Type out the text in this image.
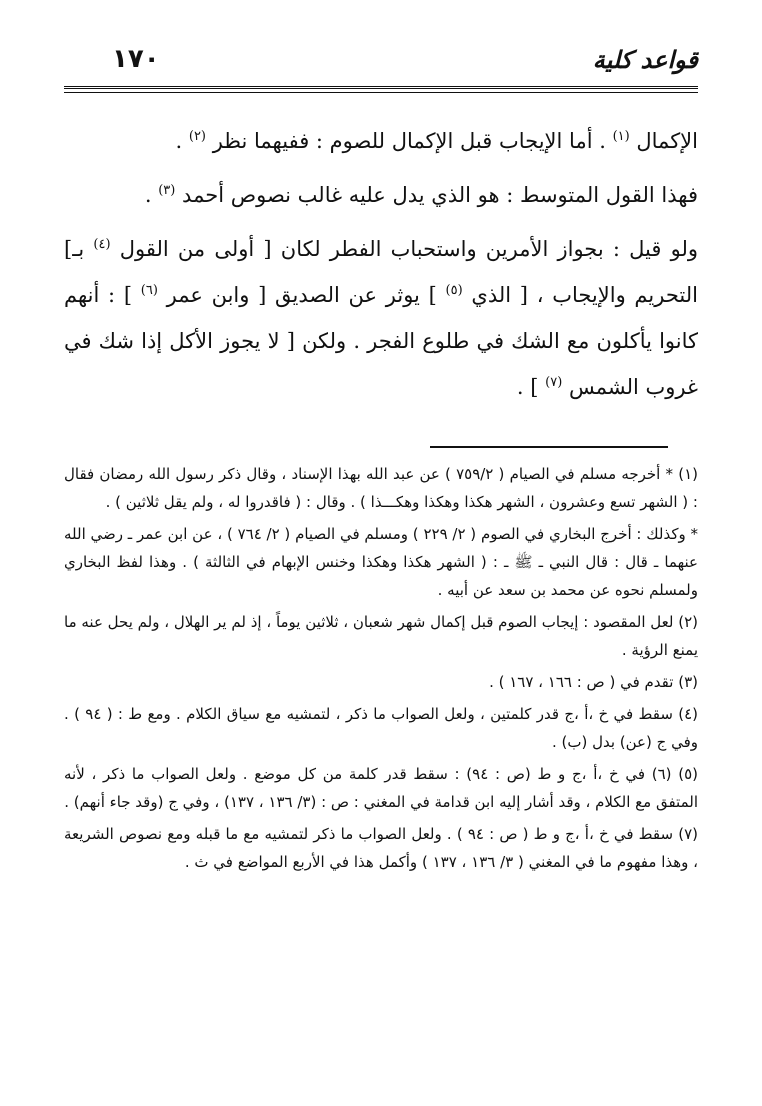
قواعد كلية
١٧٠

الإكمال $^{(١)}$ . أما الإيجاب قبل الإكمال للصوم : ففيهما نظر $^{(٢)}$ .

فهذا القول المتوسط : هو الذي يدل عليه غالب نصوص أحمد $^{(٣)}$ .

ولو قيل : بجواز الأمرين واستحباب الفطر لكان [ أولى من القول $^{(٤)}$ بـ] التحريم والإيجاب ، [ الذي $^{(٥)}$ ] يوثر عن الصديق [ وابن عمر $^{(٦)}$ ] : أنهم كانوا يأكلون مع الشك في طلوع الفجر . ولكن [ لا يجوز الأكل إذا شك في غروب الشمس $^{(٧)}$ ] .

(١) * أخرجه مسلم في الصيام ( ٧٥٩/٢ ) عن عبد الله بهذا الإسناد ، وقال ذكر رسول الله رمضان فقال : ( الشهر تسع وعشرون ، الشهر هكذا وهكذا وهكـــذا ) . وقال : ( فاقدروا له ، ولم يقل ثلاثين ) .

* وكذلك : أخرج البخاري في الصوم ( ٢/ ٢٢٩ ) ومسلم في الصيام ( ٢/ ٧٦٤ ) ، عن ابن عمر ـ رضي الله عنهما ـ قال : قال النبي ـ ﷺ ـ : ( الشهر هكذا وهكذا وخنس الإبهام في الثالثة ) . وهذا لفظ البخاري ولمسلم نحوه عن محمد بن سعد عن أبيه .

(٢) لعل المقصود : إيجاب الصوم قبل إكمال شهر شعبان ، ثلاثين يوماً ، إذ لم ير الهلال ، ولم يحل عنه ما يمنع الرؤية .

(٣) تقدم في ( ص : ١٦٦ ، ١٦٧ ) .

(٤) سقط في خ ،أ ،ج قدر كلمتين ، ولعل الصواب ما ذكر ، لتمشيه مع سياق الكلام . ومع ط : ( ٩٤ ) . وفي ج (عن) بدل (ب) .

(٥) (٦) في خ ،أ ،ج و ط (ص : ٩٤) : سقط قدر كلمة من كل موضع . ولعل الصواب ما ذكر ، لأنه المتفق مع الكلام ، وقد أشار إليه ابن قدامة في المغني : ص : (٣/ ١٣٦ ، ١٣٧) ، وفي ج (وقد جاء أنهم) .

(٧) سقط في خ ،أ ،ج و ط ( ص : ٩٤ ) . ولعل الصواب ما ذكر لتمشيه مع ما قبله ومع نصوص الشريعة ، وهذا مفهوم ما في المغني ( ٣/ ١٣٦ ، ١٣٧ ) وأكمل هذا في الأربع المواضع في ث .
